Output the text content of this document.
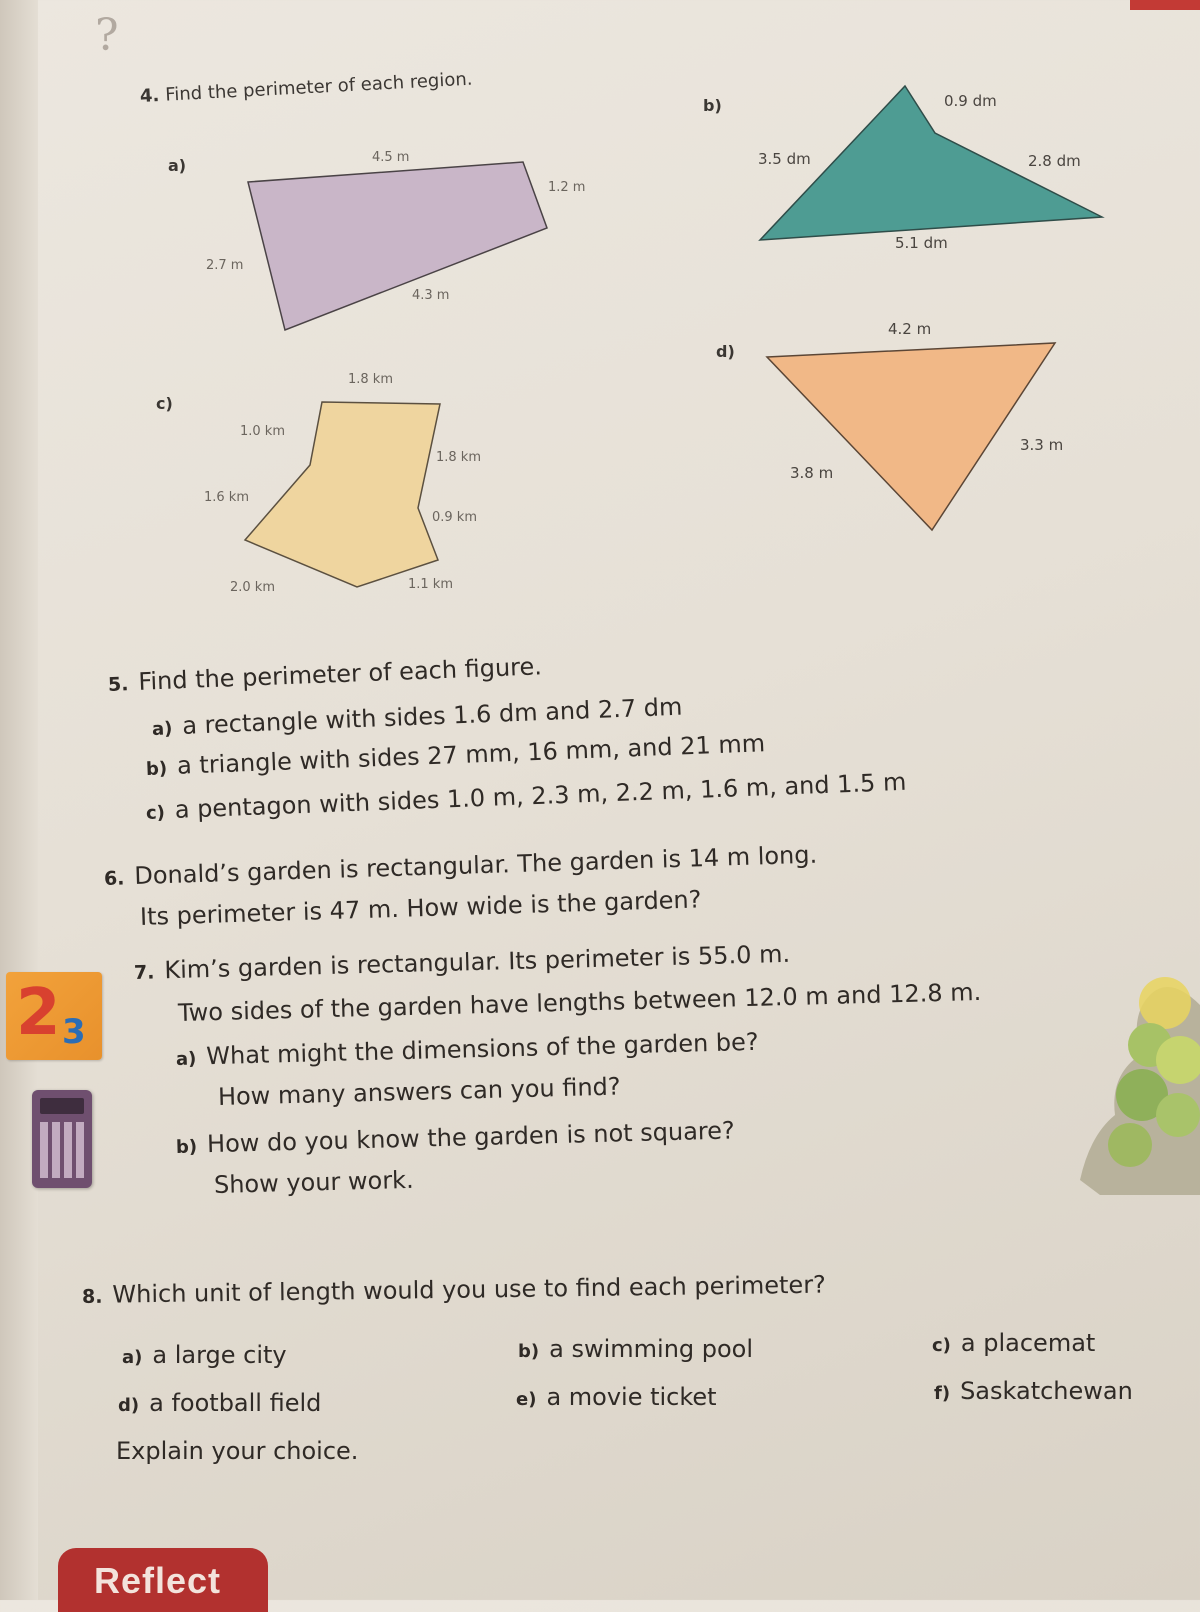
?
4. Find the perimeter of each region.
a)	4.5 m
1.2 m
2.7 m
4.3 m
b)	0.9 dm
3.5 dm	2.8 dm
5.1 dm
c)
1.8 km
1.0 km
1.6 km
2.0 km
1.8 km
0.9 km
1.1 km
d)
4.2 m
3.3 m
3.8 m
5. Find the perimeter of each figure.
a) a rectangle with sides 1.6 dm and 2.7 dm
b) a triangle with sides 27 mm, 16 mm, and 21 mm
c) a pentagon with sides 1.0 m, 2.3 m, 2.2 m, 1.6 m, and 1.5 m
6. Donald’s garden is rectangular. The garden is 14 m long.
Its perimeter is 47 m. How wide is the garden?
2 3
7. Kim’s garden is rectangular. Its perimeter is 55.0 m.
Two sides of the garden have lengths between 12.0 m and 12.8 m.
a) What might the dimensions of the garden be?
How many answers can you find?
b) How do you know the garden is not square?
Show your work.
8. Which unit of length would you use to find each perimeter?
a) a large city	b) a swimming pool	c) a placemat
d) a football field	e) a movie ticket	f) Saskatchewan
Explain your choice.
Reflect
